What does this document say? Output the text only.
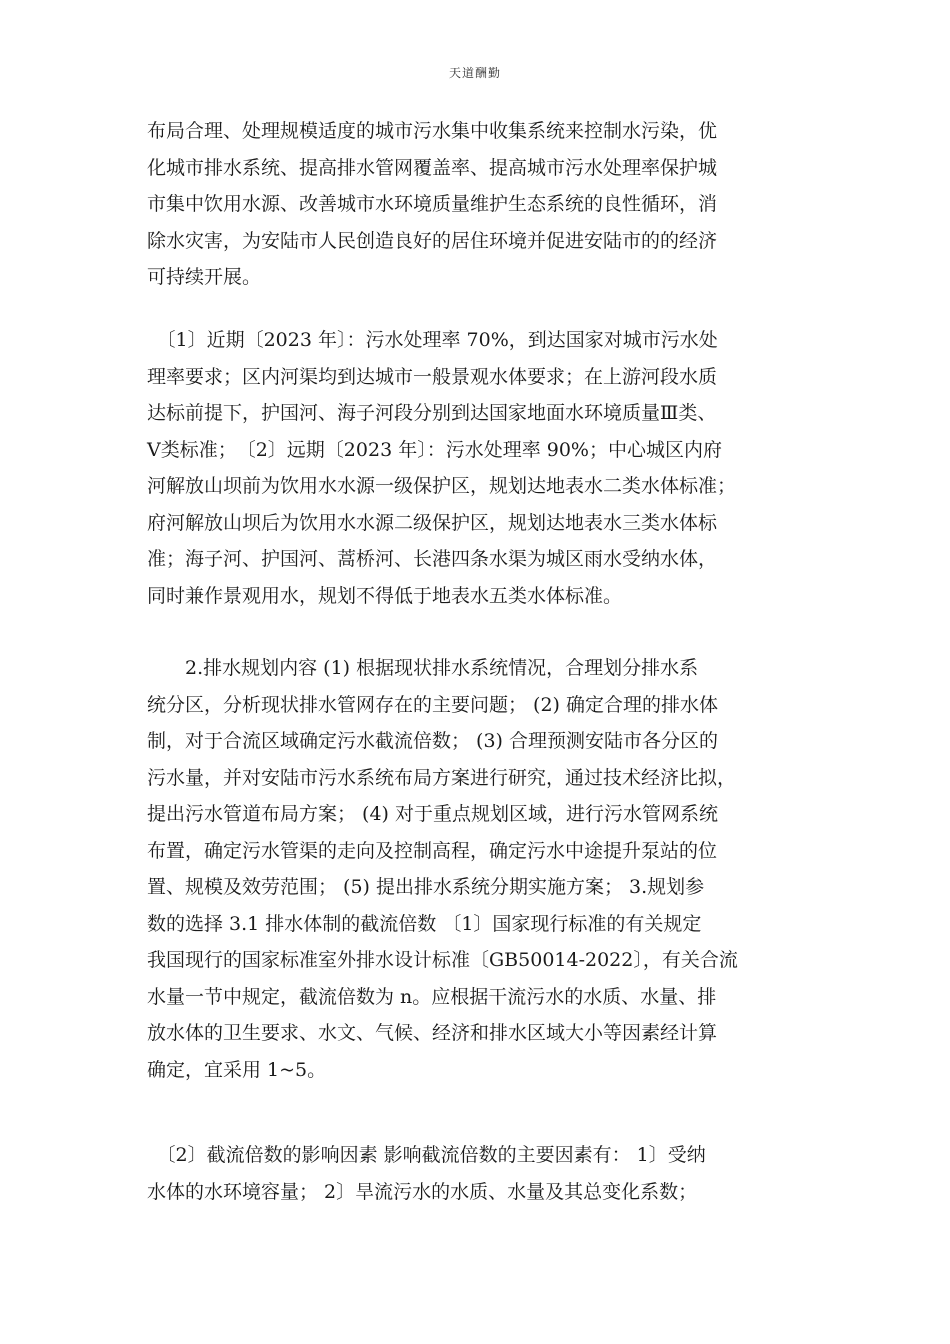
天道酬勤
布局合理、处理规模适度的城市污水集中收集系统来控制水污染，优
化城市排水系统、提高排水管网覆盖率、提高城市污水处理率保护城
市集中饮用水源、改善城市水环境质量维护生态系统的良性循环，消
除水灾害，为安陆市人民创造良好的居住环境并促进安陆市的的经济
可持续开展。
　〔1〕近期〔2023 年〕：污水处理率 70%，到达国家对城市污水处
理率要求；区内河渠均到达城市一般景观水体要求；在上游河段水质
达标前提下，护国河、海子河段分别到达国家地面水环境质量Ⅲ类、
Ⅴ类标准；　〔2〕远期〔2023 年〕：污水处理率 90%；中心城区内府
河解放山坝前为饮用水水源一级保护区，规划达地表水二类水体标准；
府河解放山坝后为饮用水水源二级保护区，规划达地表水三类水体标
准；海子河、护国河、蒿桥河、长港四条水渠为城区雨水受纳水体，
同时兼作景观用水，规划不得低于地表水五类水体标准。
　　2.排水规划内容 (1) 根据现状排水系统情况，合理划分排水系
统分区，分析现状排水管网存在的主要问题； (2) 确定合理的排水体
制，对于合流区域确定污水截流倍数； (3) 合理预测安陆市各分区的
污水量，并对安陆市污水系统布局方案进行研究，通过技术经济比拟，
提出污水管道布局方案； (4) 对于重点规划区域，进行污水管网系统
布置，确定污水管渠的走向及控制高程，确定污水中途提升泵站的位
置、规模及效劳范围； (5) 提出排水系统分期实施方案； 3.规划参
数的选择 3.1 排水体制的截流倍数 〔1〕国家现行标准的有关规定
我国现行的国家标准室外排水设计标准〔GB50014-2022〕，有关合流
水量一节中规定，截流倍数为 n。应根据干流污水的水质、水量、排
放水体的卫生要求、水文、气候、经济和排水区域大小等因素经计算
确定，宜采用 1~5。
　〔2〕截流倍数的影响因素 影响截流倍数的主要因素有： 1〕受纳
水体的水环境容量； 2〕旱流污水的水质、水量及其总变化系数；
